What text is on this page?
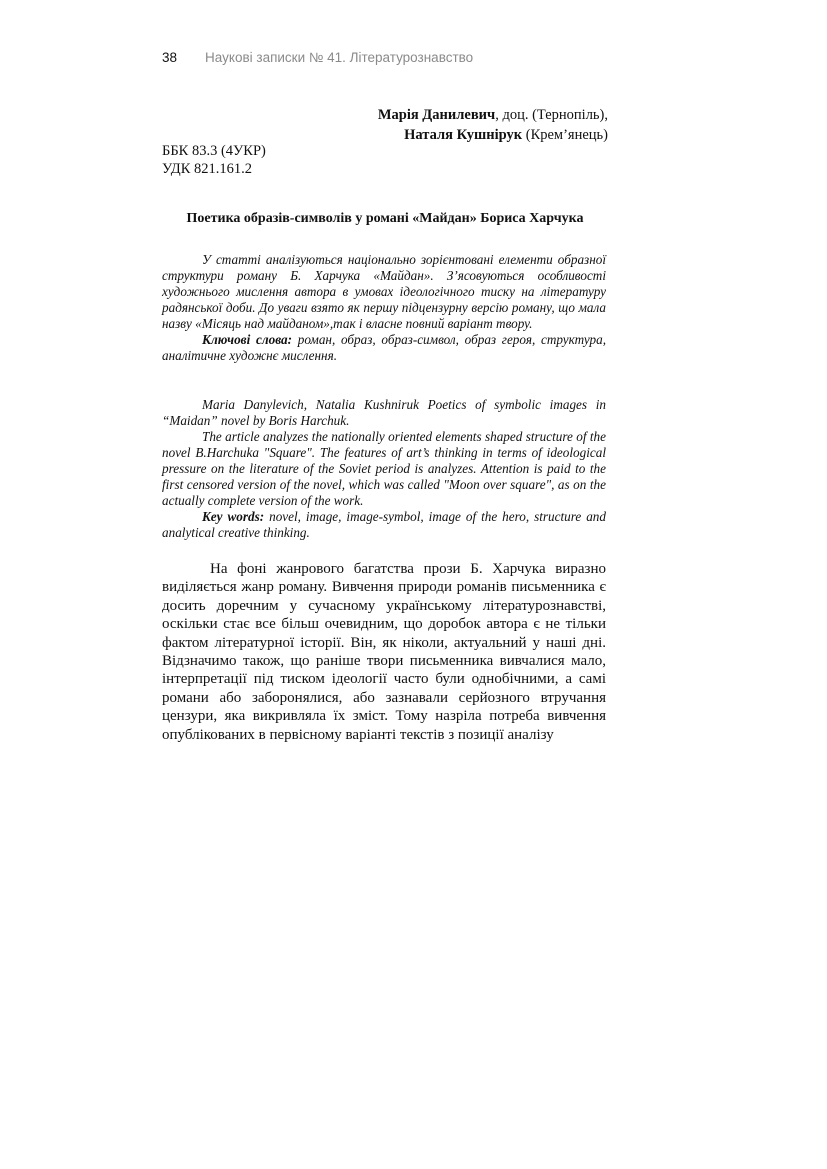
38 Наукові записки № 41. Літературознавство
Марія Данилевич, доц. (Тернопіль),
Наталя Кушнірук (Крем’янець)
ББК 83.3 (4УКР)
УДК 821.161.2
Поетика образів-символів у романі «Майдан» Бориса Харчука

У статті аналізуються національно зорієнтовані елементи образної структури роману Б. Харчука «Майдан». З’ясовуються особливості художнього мислення автора в умовах ідеологічного тиску на літературу радянської доби. До уваги взято як першу підцензурну версію роману, що мала назву «Місяць над майданом»,так і власне повний варіант твору.

Ключові слова: роман, образ, образ-символ, образ героя, структура, аналітичне художнє мислення.

Maria Danylevich, Natalia Kushniruk Poetics of symbolic images in “Maidan” novel by Boris Harchuk.

The article analyzes the nationally oriented elements shaped structure of the novel B.Harchuka "Square". The features of art’s thinking in terms of ideological pressure on the literature of the Soviet period is analyzes. Attention is paid to the first censored version of the novel, which was called "Moon over square", as on the actually complete version of the work.

Key words: novel, image, image-symbol, image of the hero, structure and analytical creative thinking.

На фоні жанрового багатства прози Б. Харчука виразно виділяється жанр роману. Вивчення природи романів письменника є досить доречним у сучасному українському літературознавстві, оскільки стає все більш очевидним, що доробок автора є не тільки фактом літературної історії. Він, як ніколи, актуальний у наші дні. Відзначимо також, що раніше твори письменника вивчалися мало, інтерпретації під тиском ідеології часто були однобічними, а самі романи або заборонялися, або зазнавали серйозного втручання цензури, яка викривляла їх зміст. Тому назріла потреба вивчення опублікованих в первісному варіанті текстів з позиції аналізу
